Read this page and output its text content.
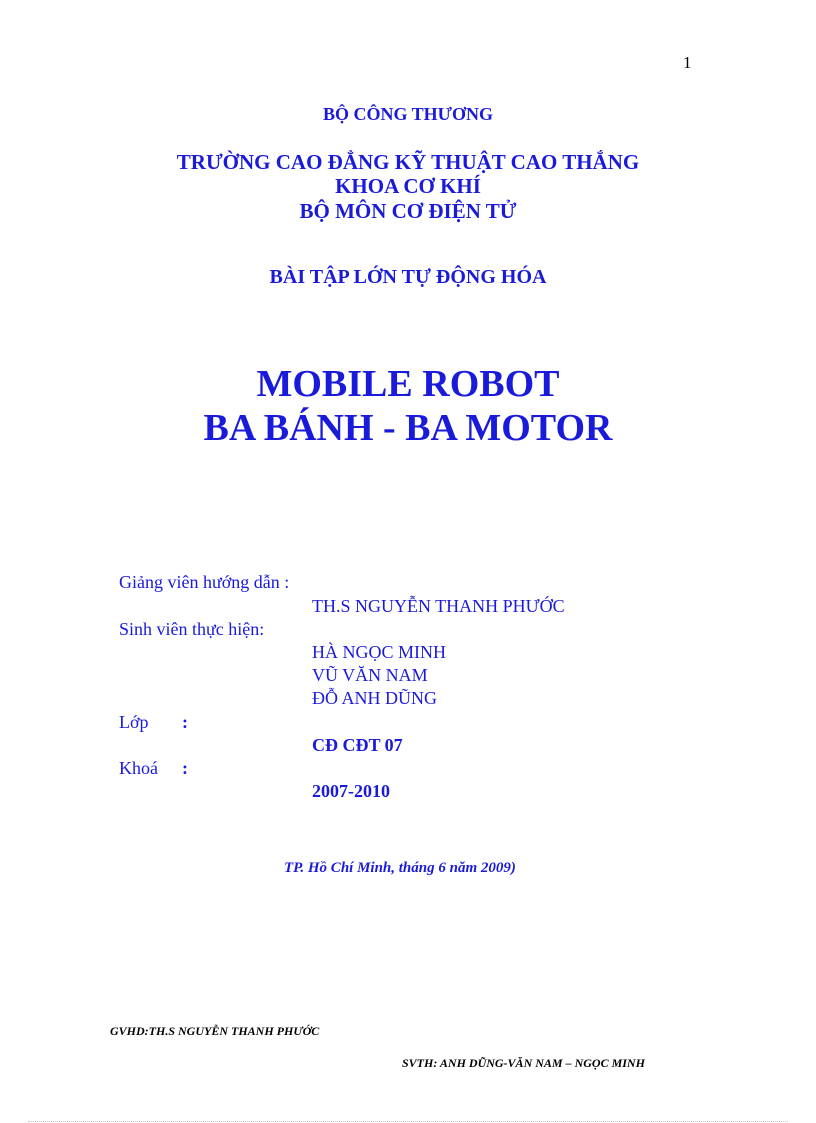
1
BỘ CÔNG THƯƠNG
TRƯỜNG CAO ĐẲNG KỸ THUẬT CAO THẮNG
KHOA CƠ KHÍ
BỘ MÔN CƠ ĐIỆN TỬ
BÀI TẬP LỚN TỰ ĐỘNG HÓA
MOBILE ROBOT
BA BÁNH - BA MOTOR
Giảng viên hướng dẫn :
TH.S NGUYỄN THANH PHƯỚC
Sinh viên thực hiện:
HÀ NGỌC MINH
VŨ VĂN NAM
ĐỖ ANH DŨNG
Lớp :
CĐ CĐT 07
Khoá :
2007-2010
TP. Hồ Chí Minh, tháng 6 năm 2009)
GVHD:TH.S NGUYỄN THANH PHƯỚC
SVTH: ANH DŨNG-VĂN NAM – NGỌC MINH
